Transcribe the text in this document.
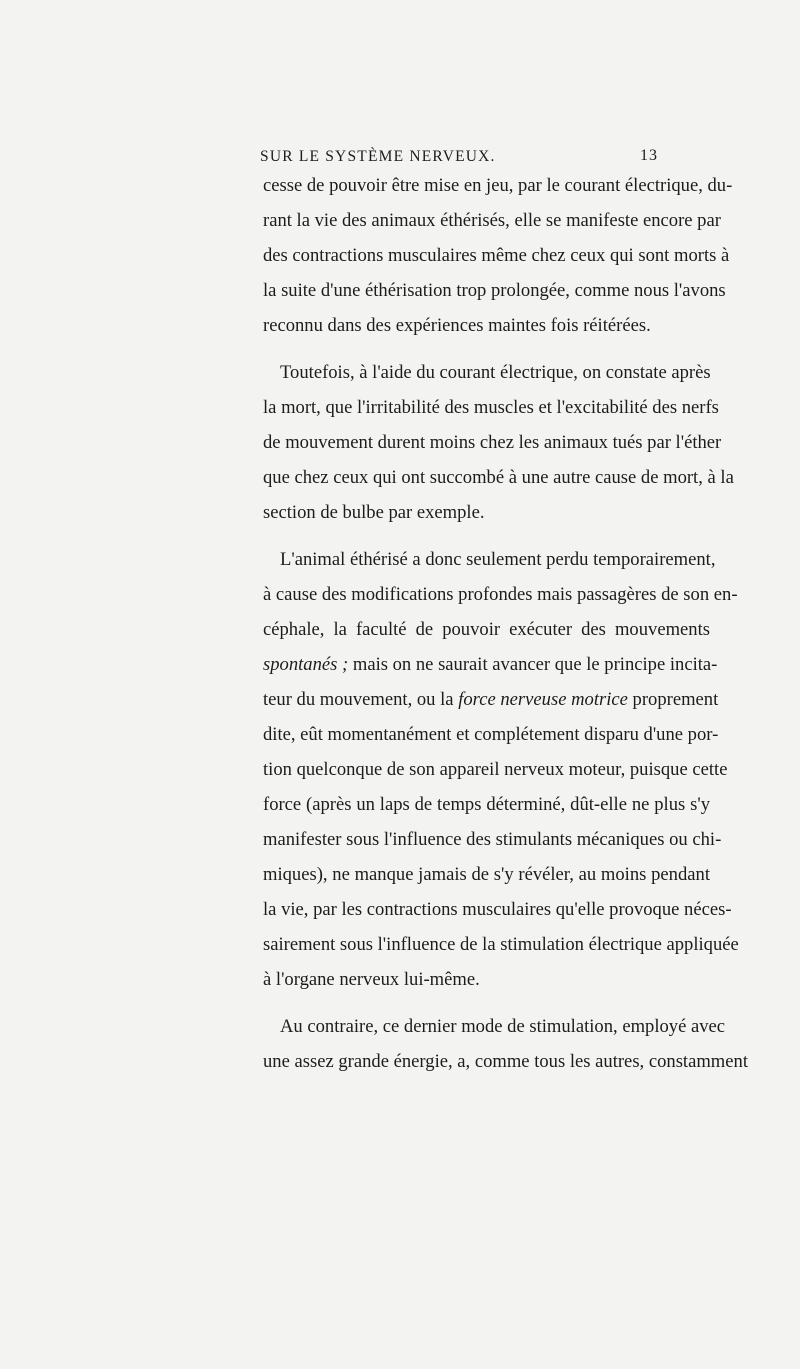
SUR LE SYSTÈME NERVEUX.	13
cesse de pouvoir être mise en jeu, par le courant électrique, du-
rant la vie des animaux éthérisés, elle se manifeste encore par
des contractions musculaires même chez ceux qui sont morts à
la suite d'une éthérisation trop prolongée, comme nous l'avons
reconnu dans des expériences maintes fois réitérées.
Toutefois, à l'aide du courant électrique, on constate après
la mort, que l'irritabilité des muscles et l'excitabilité des nerfs
de mouvement durent moins chez les animaux tués par l'éther
que chez ceux qui ont succombé à une autre cause de mort, à la
section de bulbe par exemple.
L'animal éthérisé a donc seulement perdu temporairement,
à cause des modifications profondes mais passagères de son en-
céphale, la faculté de pouvoir exécuter des mouvements
spontanés ; mais on ne saurait avancer que le principe incita-
teur du mouvement, ou la force nerveuse motrice proprement
dite, eût momentanément et complétement disparu d'une por-
tion quelconque de son appareil nerveux moteur, puisque cette
force (après un laps de temps déterminé, dût-elle ne plus s'y
manifester sous l'influence des stimulants mécaniques ou chi-
miques), ne manque jamais de s'y révéler, au moins pendant
la vie, par les contractions musculaires qu'elle provoque néces-
sairement sous l'influence de la stimulation électrique appliquée
à l'organe nerveux lui-même.
Au contraire, ce dernier mode de stimulation, employé avec
une assez grande énergie, a, comme tous les autres, constamment
